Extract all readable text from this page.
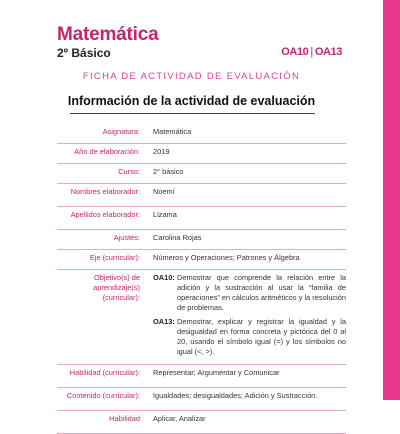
Matemática
2º Básico	OA10 | OA13
FICHA DE ACTIVIDAD DE EVALUACIÓN
Información de la actividad de evaluación
Asignatura:	Matemática
Año de elaboración:	2019
Curso:	2° básico
Nombres elaborador:	Noemí
Apellidos elaborador:	Lizama
Ajustes:	Carolina Rojas
Eje (curricular):	Números y Operaciones; Patrones y Álgebra
Objetivo(s) de aprendizaje(s) (curricular):	OA10: Demostrar que comprende la relación entre la adición y la sustracción al usar la “familia de operaciones” en cálculos aritméticos y la resolución de problemas.
OA13: Demostrar, explicar y registrar la igualdad y la desigualdad en forma concreta y pictórica del 0 al 20, usando el símbolo igual (=) y los símbolos no igual (<, >).

Habilidad (curricular):	Representar; Argumentar y Comunicar
Contenido (curricular):	Igualdades; desigualdades; Adición y Sustracción.
Habilidad	Aplicar, Analizar
